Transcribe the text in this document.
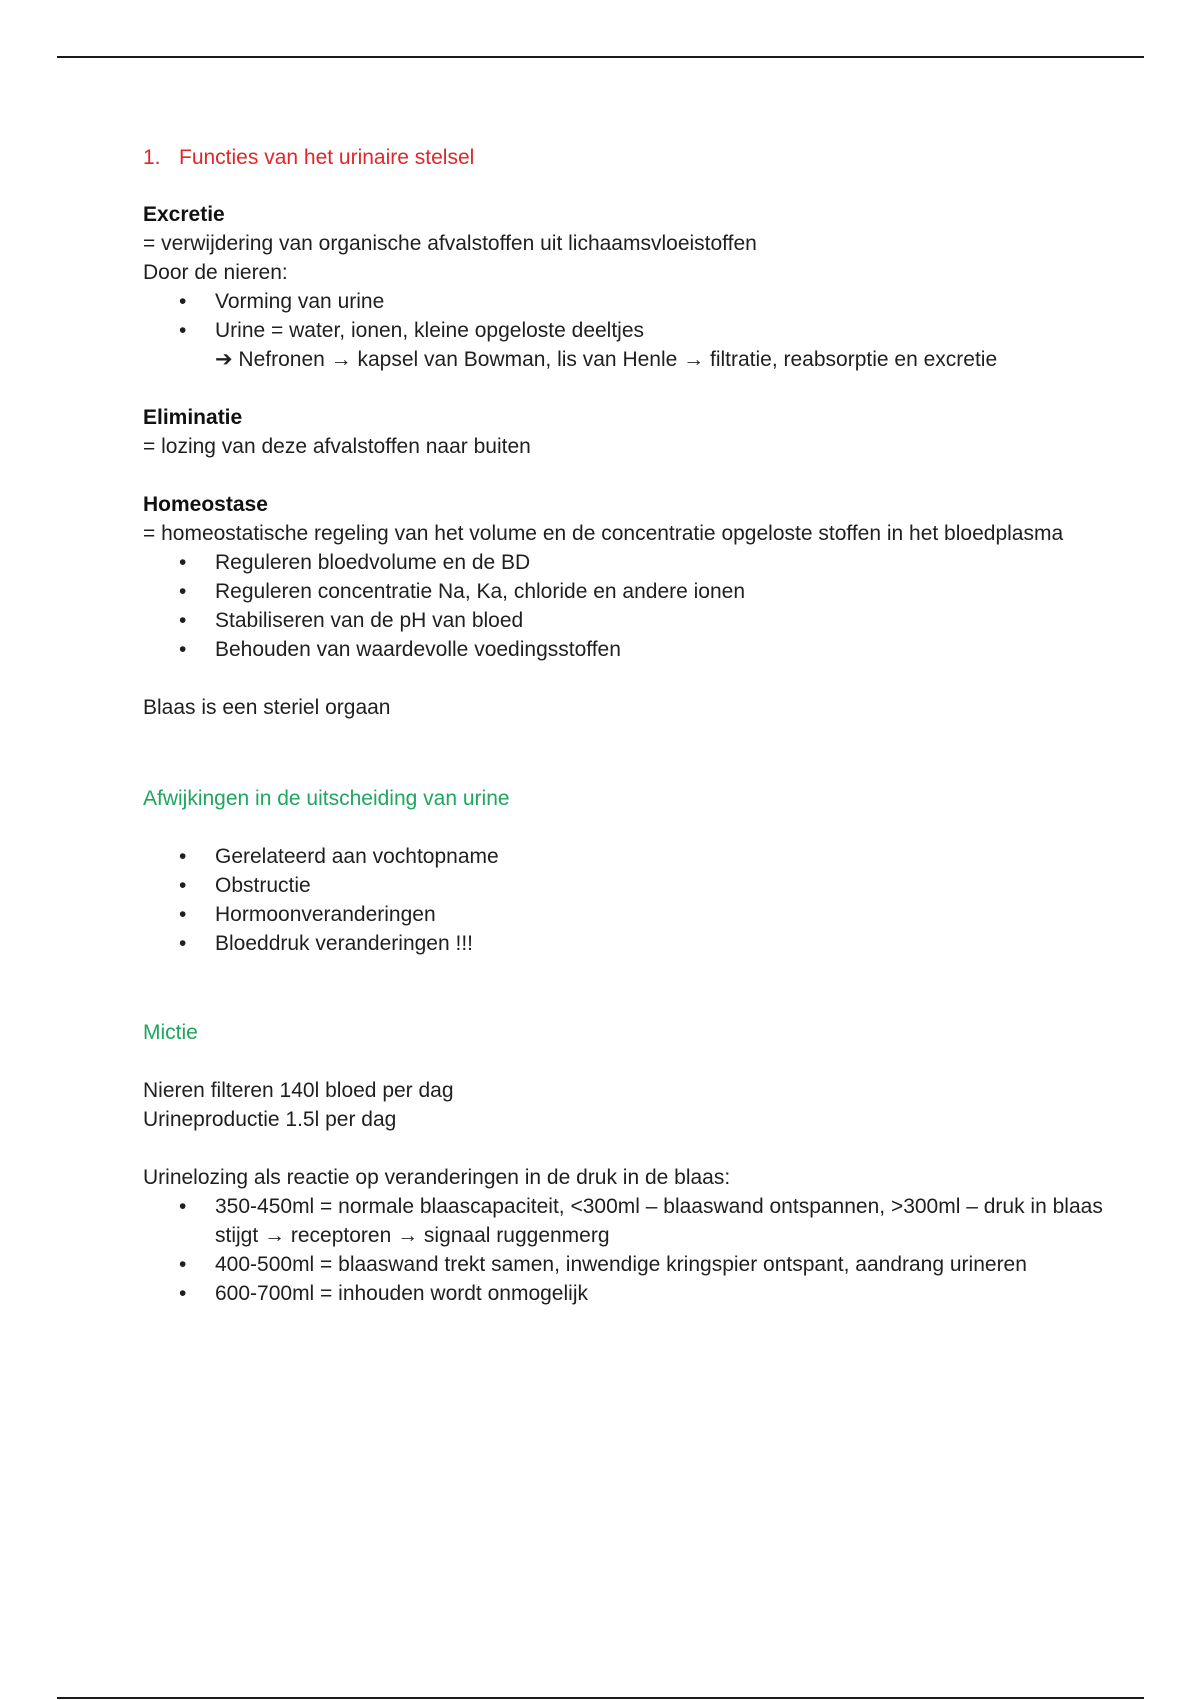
1. Functies van het urinaire stelsel

Excretie

= verwijdering van organische afvalstoffen uit lichaamsvloeistoffen

Door de nieren:

• Vorming van urine
• Urine = water, ionen, kleine opgeloste deeltjes

➔ Nefronen → kapsel van Bowman, lis van Henle → filtratie, reabsorptie en excretie

Eliminatie

= lozing van deze afvalstoffen naar buiten

Homeostase

= homeostatische regeling van het volume en de concentratie opgeloste stoffen in het bloedplasma

• Reguleren bloedvolume en de BD
• Reguleren concentratie Na, Ka, chloride en andere ionen
• Stabiliseren van de pH van bloed
• Behouden van waardevolle voedingsstoffen

Blaas is een steriel orgaan

Afwijkingen in de uitscheiding van urine

• Gerelateerd aan vochtopname
• Obstructie
• Hormoonveranderingen
• Bloeddruk veranderingen !!!

Mictie

Nieren filteren 140l bloed per dag

Urineproductie 1.5l per dag

Urinelozing als reactie op veranderingen in de druk in de blaas:

• 350-450ml = normale blaascapaciteit, <300ml – blaaswand ontspannen, >300ml – druk in blaas stijgt → receptoren → signaal ruggenmerg
• 400-500ml = blaaswand trekt samen, inwendige kringspier ontspant, aandrang urineren
• 600-700ml = inhouden wordt onmogelijk
